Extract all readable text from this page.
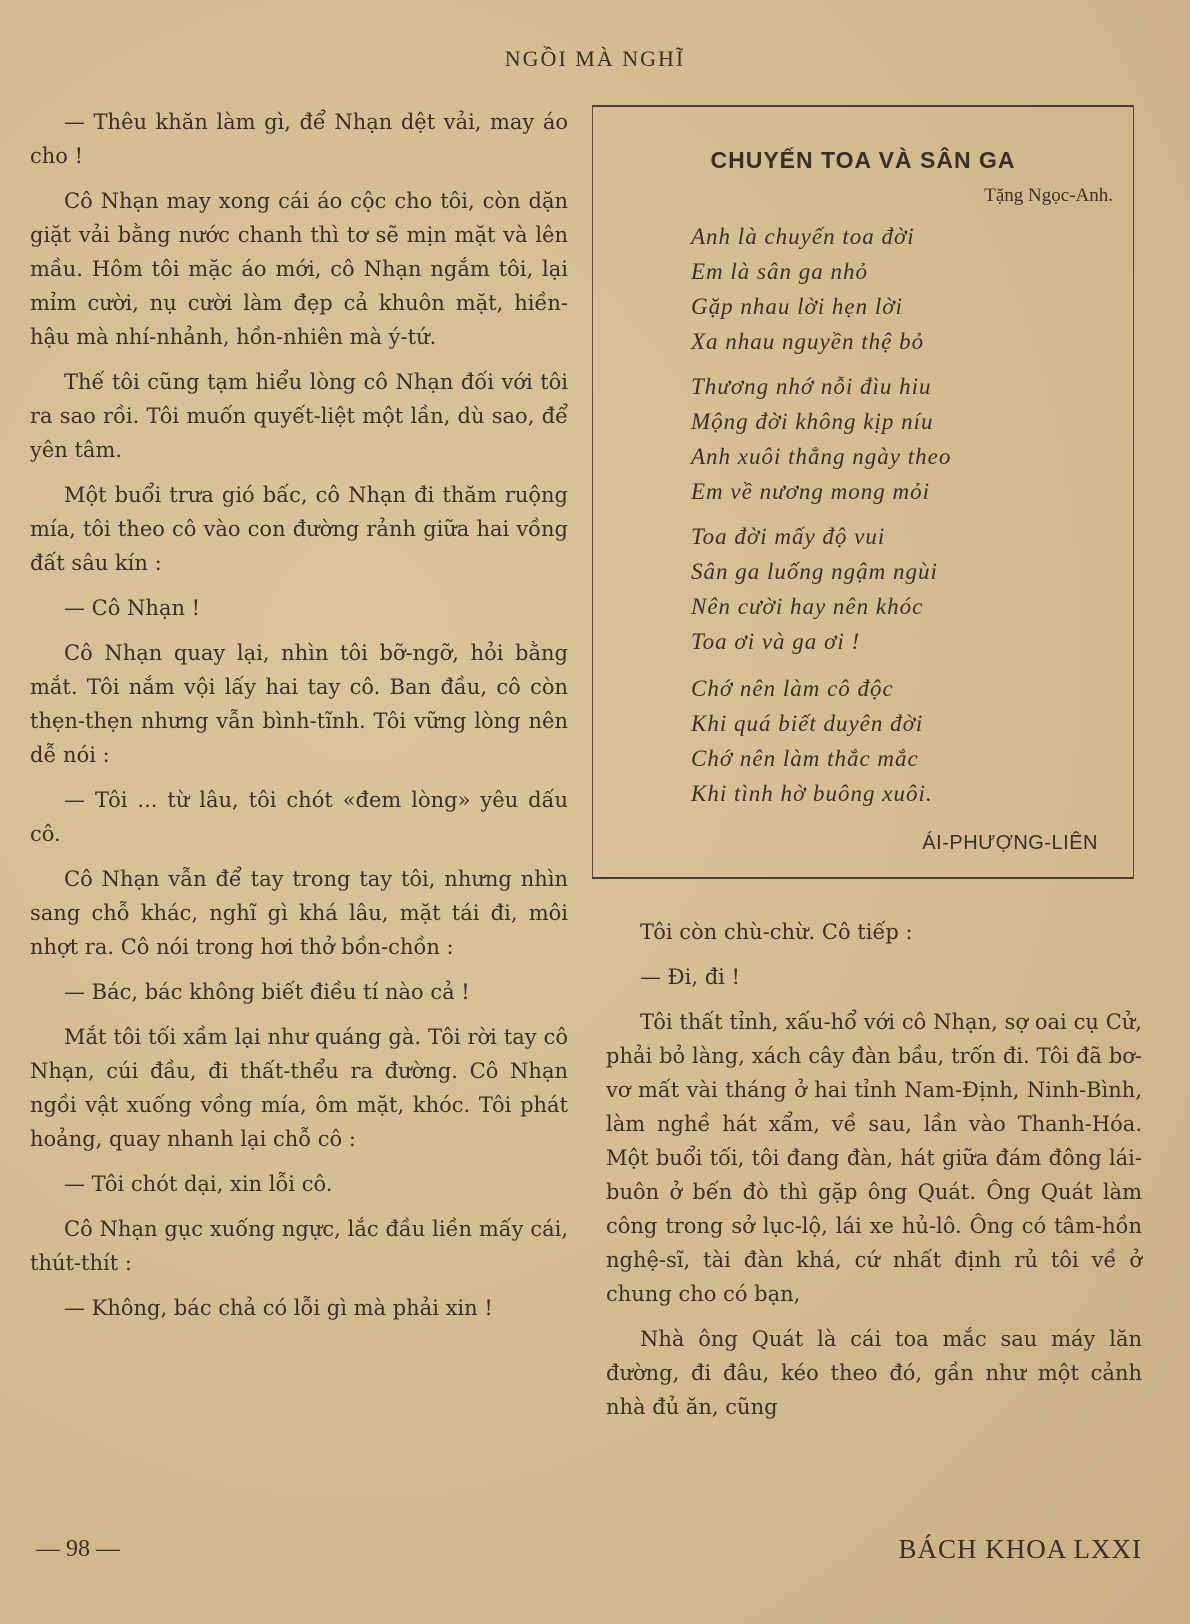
NGỒI MÀ NGHĨ

— Thêu khăn làm gì, để Nhạn dệt vải, may áo cho !

Cô Nhạn may xong cái áo cộc cho tôi, còn dặn giặt vải bằng nước chanh thì tơ sẽ mịn mặt và lên mầu. Hôm tôi mặc áo mới, cô Nhạn ngắm tôi, lại mỉm cười, nụ cười làm đẹp cả khuôn mặt, hiền-hậu mà nhí-nhảnh, hồn-nhiên mà ý-tứ.

Thế tôi cũng tạm hiểu lòng cô Nhạn đối với tôi ra sao rồi. Tôi muốn quyết-liệt một lần, dù sao, để yên tâm.

Một buổi trưa gió bấc, cô Nhạn đi thăm ruộng mía, tôi theo cô vào con đường rảnh giữa hai vồng đất sâu kín :

— Cô Nhạn !

Cô Nhạn quay lại, nhìn tôi bỡ-ngỡ, hỏi bằng mắt. Tôi nắm vội lấy hai tay cô. Ban đầu, cô còn thẹn-thẹn nhưng vẫn bình-tĩnh. Tôi vững lòng nên dễ nói :

— Tôi ... từ lâu, tôi chót «đem lòng» yêu dấu cô.

Cô Nhạn vẫn để tay trong tay tôi, nhưng nhìn sang chỗ khác, nghĩ gì khá lâu, mặt tái đi, môi nhợt ra. Cô nói trong hơi thở bồn-chồn :

— Bác, bác không biết điều tí nào cả !

Mắt tôi tối xầm lại như quáng gà. Tôi rời tay cô Nhạn, cúi đầu, đi thất-thểu ra đường. Cô Nhạn ngồi vật xuống vồng mía, ôm mặt, khóc. Tôi phát hoảng, quay nhanh lại chỗ cô :

— Tôi chót dại, xin lỗi cô.

Cô Nhạn gục xuống ngực, lắc đầu liền mấy cái, thút-thít :

— Không, bác chả có lỗi gì mà phải xin !

CHUYẾN TOA VÀ SÂN GA
Tặng Ngọc-Anh.
Anh là chuyến toa đời
Em là sân ga nhỏ
Gặp nhau lời hẹn lời
Xa nhau nguyền thệ bỏ
Thương nhớ nỗi đìu hiu
Mộng đời không kịp níu
Anh xuôi thẳng ngày theo
Em về nương mong mỏi
Toa đời mấy độ vui
Sân ga luống ngậm ngùi
Nên cười hay nên khóc
Toa ơi và ga ơi !
Chớ nên làm cô độc
Khi quá biết duyên đời
Chớ nên làm thắc mắc
Khi tình hờ buông xuôi.
ÁI-PHƯỢNG-LIÊN

Tôi còn chù-chừ. Cô tiếp :

— Đi, đi !

Tôi thất tỉnh, xấu-hổ với cô Nhạn, sợ oai cụ Cử, phải bỏ làng, xách cây đàn bầu, trốn đi. Tôi đã bơ-vơ mất vài tháng ở hai tỉnh Nam-Định, Ninh-Bình, làm nghề hát xẩm, về sau, lần vào Thanh-Hóa. Một buổi tối, tôi đang đàn, hát giữa đám đông lái-buôn ở bến đò thì gặp ông Quát. Ông Quát làm công trong sở lục-lộ, lái xe hủ-lô. Ông có tâm-hồn nghệ-sĩ, tài đàn khá, cứ nhất định rủ tôi về ở chung cho có bạn,

Nhà ông Quát là cái toa mắc sau máy lăn đường, đi đâu, kéo theo đó, gần như một cảnh nhà đủ ăn, cũng

— 98 —	BÁCH KHOA LXXI
